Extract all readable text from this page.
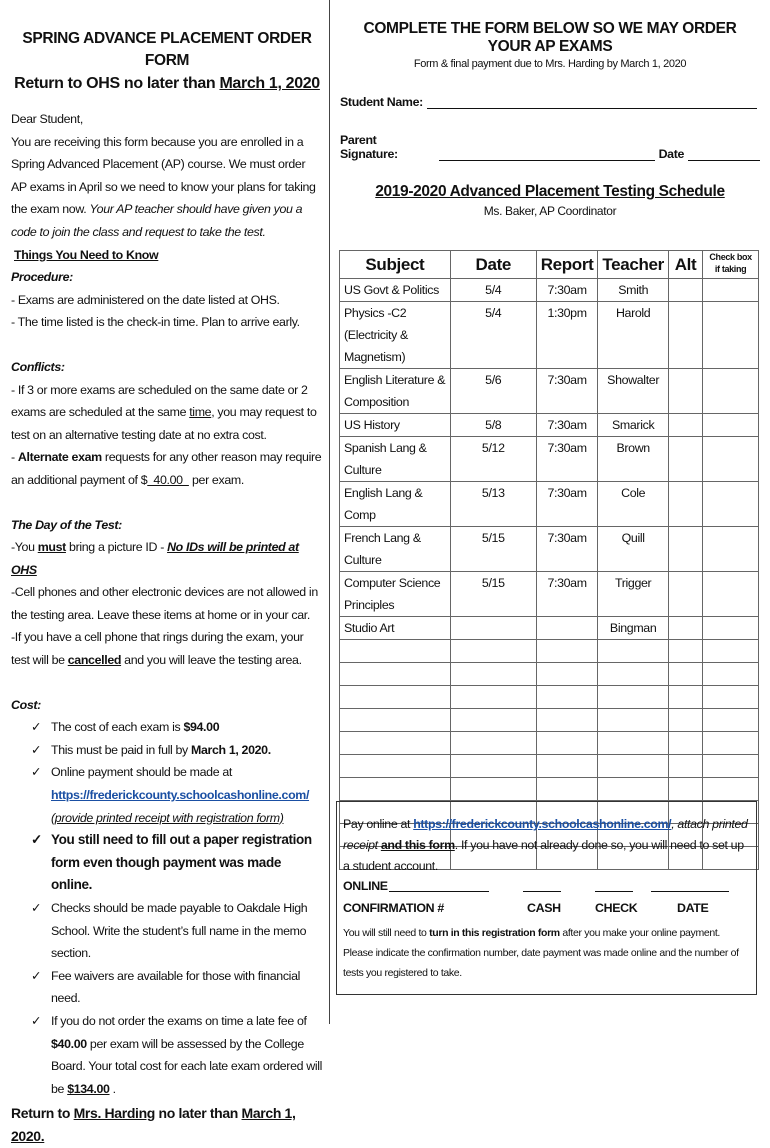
SPRING ADVANCE PLACEMENT ORDER FORM
Return to OHS no later than March 1, 2020

Dear Student,

You are receiving this form because you are enrolled in a Spring Advanced Placement (AP) course. We must order AP exams in April so we need to know your plans for taking the exam now. Your AP teacher should have given you a code to join the class and request to take the test.

Things You Need to Know

Procedure:

- Exams are administered on the date listed at OHS.

- The time listed is the check-in time. Plan to arrive early.

Conflicts:

- If 3 or more exams are scheduled on the same date or 2 exams are scheduled at the same time, you may request to test on an alternative testing date at no extra cost.

- Alternate exam requests for any other reason may require an additional payment of $  40.00   per exam.

The Day of the Test:

-You must bring a picture ID - No IDs will be printed at OHS

-Cell phones and other electronic devices are not allowed in the testing area. Leave these items at home or in your car.

-If you have a cell phone that rings during the exam, your test will be cancelled and you will leave the testing area.

Cost:

✓ The cost of each exam is $94.00
✓ This must be paid in full by March 1, 2020.
✓ Online payment should be made at https://frederickcounty.schoolcashonline.com/ (provide printed receipt with registration form)
✓ You still need to fill out a paper registration form even though payment was made online.
✓ Checks should be made payable to Oakdale High School. Write the student’s full name in the memo section.
✓ Fee waivers are available for those with financial need.
✓ If you do not order the exams on time a late fee of $40.00 per exam will be assessed by the College Board. Your total cost for each late exam ordered will be $134.00 .

Return to Mrs. Harding no later than March 1, 2020.

COMPLETE THE FORM BELOW SO WE MAY ORDER YOUR AP EXAMS
Form & final payment due to Mrs. Harding by March 1, 2020
Student Name:
Parent Signature:	Date
2019-2020 Advanced Placement Testing Schedule
Ms. Baker, AP Coordinator
Subject	Date	Report	Teacher	Alt	Check box if taking
US Govt & Politics	5/4	7:30am	Smith		
Physics -C2 (Electricity & Magnetism)	5/4	1:30pm	Harold		
English Literature & Composition	5/6	7:30am	Showalter		
US History	5/8	7:30am	Smarick		
Spanish Lang & Culture	5/12	7:30am	Brown		
English Lang & Comp	5/13	7:30am	Cole		
French Lang & Culture	5/15	7:30am	Quill		
Computer Science Principles	5/15	7:30am	Trigger		
Studio Art			Bingman		

Pay online at https://frederickcounty.schoolcashonline.com/, attach printed receipt and this form. If you have not already done so, you will need to set up a student account.
ONLINE
CONFIRMATION #	CASH	CHECK	DATE
You will still need to turn in this registration form after you make your online payment. Please indicate the confirmation number, date payment was made online and the number of tests you registered to take.
